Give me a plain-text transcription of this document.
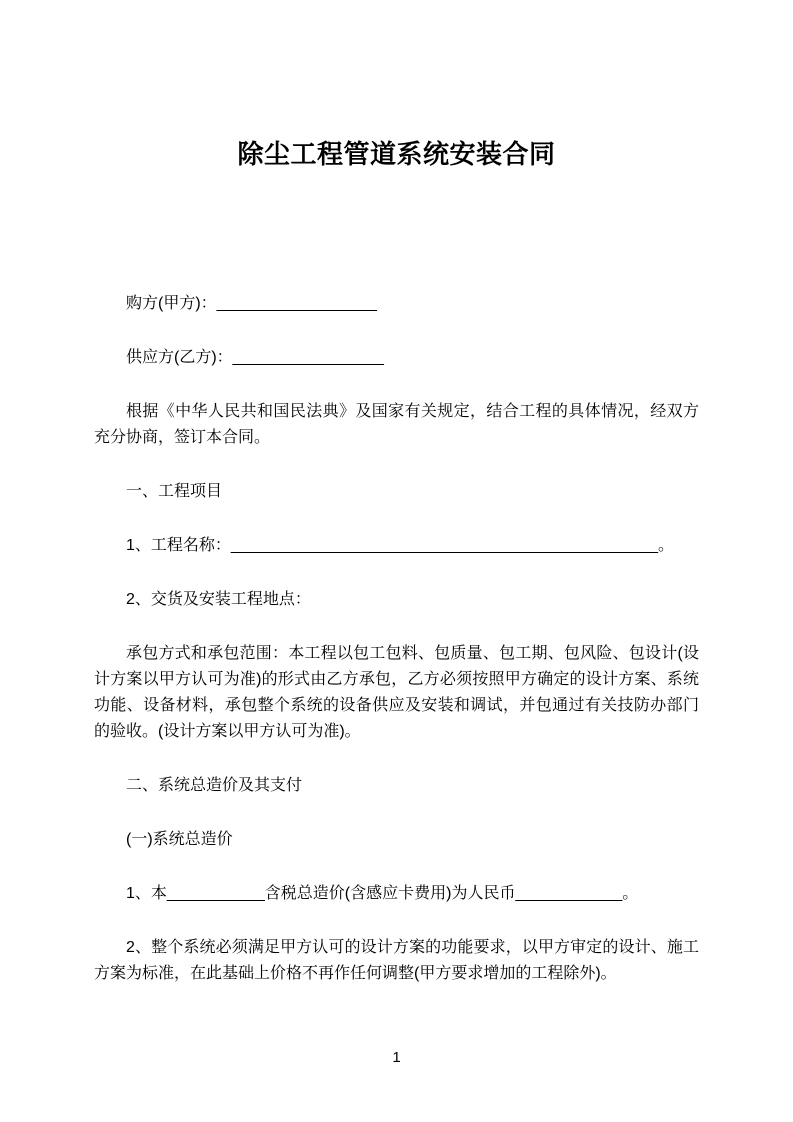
除尘工程管道系统安装合同

购方(甲方)：__________________

供应方(乙方)：_________________

根据《中华人民共和国民法典》及国家有关规定，结合工程的具体情况，经双方充分协商，签订本合同。

一、工程项目

1、工程名称：________________________________________________。

2、交货及安装工程地点：

承包方式和承包范围：本工程以包工包料、包质量、包工期、包风险、包设计(设计方案以甲方认可为准)的形式由乙方承包，乙方必须按照甲方确定的设计方案、系统功能、设备材料，承包整个系统的设备供应及安装和调试，并包通过有关技防办部门的验收。(设计方案以甲方认可为准)。

二、系统总造价及其支付

(一)系统总造价

1、本___________含税总造价(含感应卡费用)为人民币____________。

2、整个系统必须满足甲方认可的设计方案的功能要求，以甲方审定的设计、施工方案为标准，在此基础上价格不再作任何调整(甲方要求增加的工程除外)。

1
